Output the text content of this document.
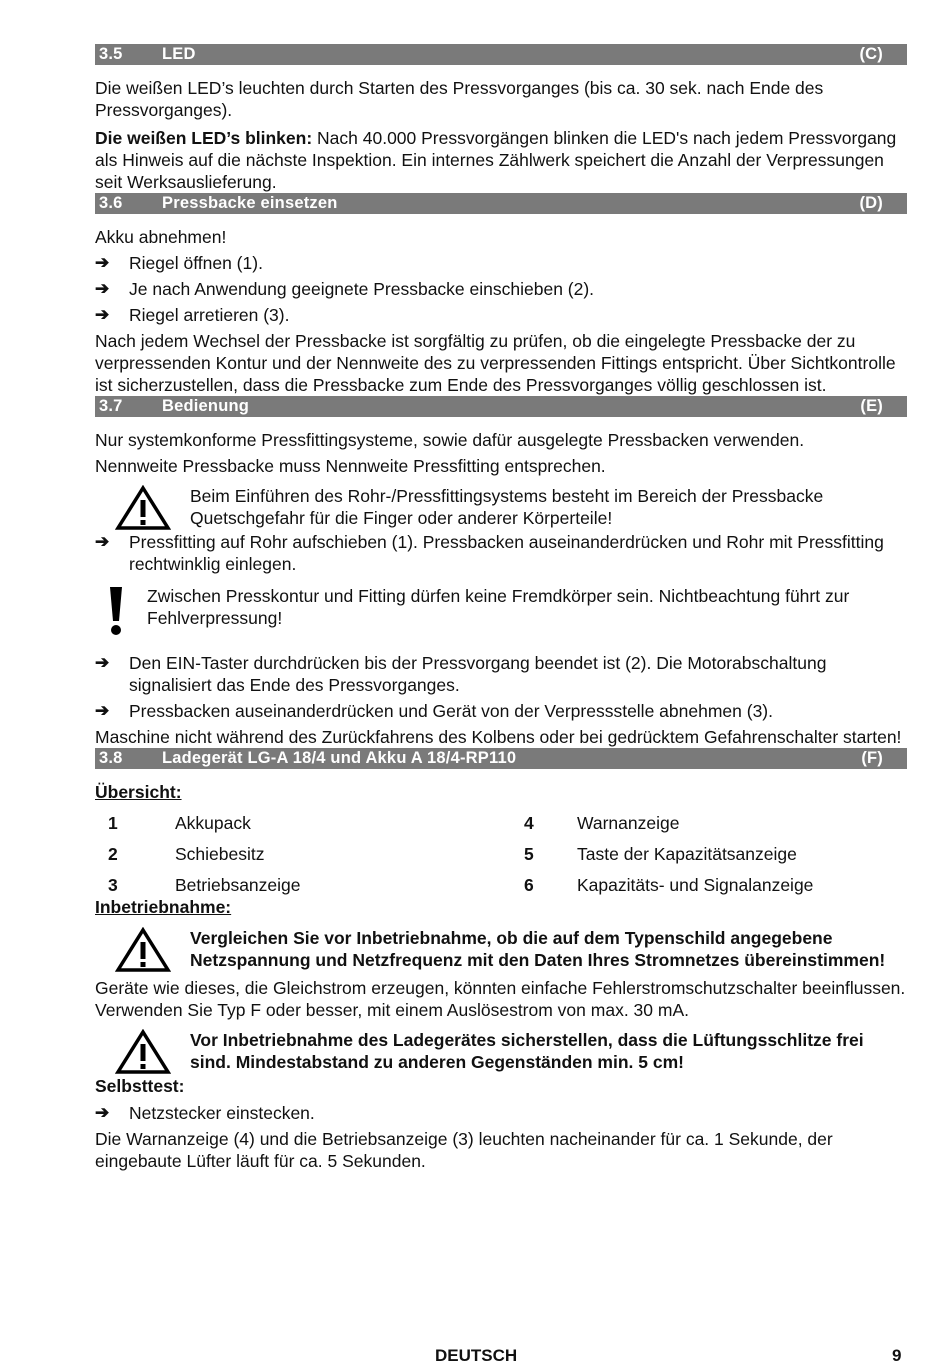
3.5	LED	(C)

Die weißen LED’s leuchten durch Starten des Pressvorganges (bis ca. 30 sek. nach Ende des Pressvorganges).

Die weißen LED’s blinken: Nach 40.000 Pressvorgängen blinken die LED's nach jedem Pressvorgang als Hinweis auf die nächste Inspektion. Ein internes Zählwerk speichert die Anzahl der Verpressungen seit Werksauslieferung.

3.6	Pressbacke einsetzen	(D)

Akku abnehmen!

➔	Riegel öffnen (1).
➔	Je nach Anwendung geeignete Pressbacke einschieben (2).
➔	Riegel arretieren (3).

Nach jedem Wechsel der Pressbacke ist sorgfältig zu prüfen, ob die eingelegte Pressbacke der zu verpressenden Kontur und der Nennweite des zu verpressenden Fittings entspricht. Über Sichtkontrolle ist sicherzustellen, dass die Pressbacke zum Ende des Pressvorganges völlig geschlossen ist.

3.7	Bedienung	(E)

Nur systemkonforme Pressfittingsysteme, sowie dafür ausgelegte Pressbacken verwenden.

Nennweite Pressbacke muss Nennweite Pressfitting entsprechen.

Beim Einführen des Rohr-/Pressfittingsystems besteht im Bereich der Pressbacke Quetschgefahr für die Finger oder anderer Körperteile!
➔	Pressfitting auf Rohr aufschieben (1). Pressbacken auseinanderdrücken und Rohr mit Pressfitting rechtwinklig einlegen.
Zwischen Presskontur und Fitting dürfen keine Fremdkörper sein. Nichtbeachtung führt zur Fehlverpressung!
➔	Den EIN-Taster durchdrücken bis der Pressvorgang beendet ist (2). Die Motorabschaltung signalisiert das Ende des Pressvorganges.
➔	Pressbacken auseinanderdrücken und Gerät von der Verpressstelle abnehmen (3).

Maschine nicht während des Zurückfahrens des Kolbens oder bei gedrücktem Gefahrenschalter starten!

3.8	Ladegerät LG-A 18/4 und Akku A 18/4-RP110	(F)

Übersicht:

1	Akkupack	4	Warnanzeige
2	Schiebesitz	5	Taste der Kapazitätsanzeige
3	Betriebsanzeige	6	Kapazitäts- und Signalanzeige

Inbetriebnahme:

Vergleichen Sie vor Inbetriebnahme, ob die auf dem Typenschild angegebene Netzspannung und Netzfrequenz mit den Daten Ihres Stromnetzes übereinstimmen!

Geräte wie dieses, die Gleichstrom erzeugen, könnten einfache Fehlerstromschutzschalter beeinflussen. Verwenden Sie Typ F oder besser, mit einem Auslösestrom von max. 30 mA.

Vor Inbetriebnahme des Ladegerätes sicherstellen, dass die Lüftungsschlitze frei sind. Mindestabstand zu anderen Gegenständen min. 5 cm!

Selbsttest:

➔	Netzstecker einstecken.

Die Warnanzeige (4) und die Betriebsanzeige (3) leuchten nacheinander für ca. 1 Sekunde, der eingebaute Lüfter läuft für ca. 5 Sekunden.

DEUTSCH	9
